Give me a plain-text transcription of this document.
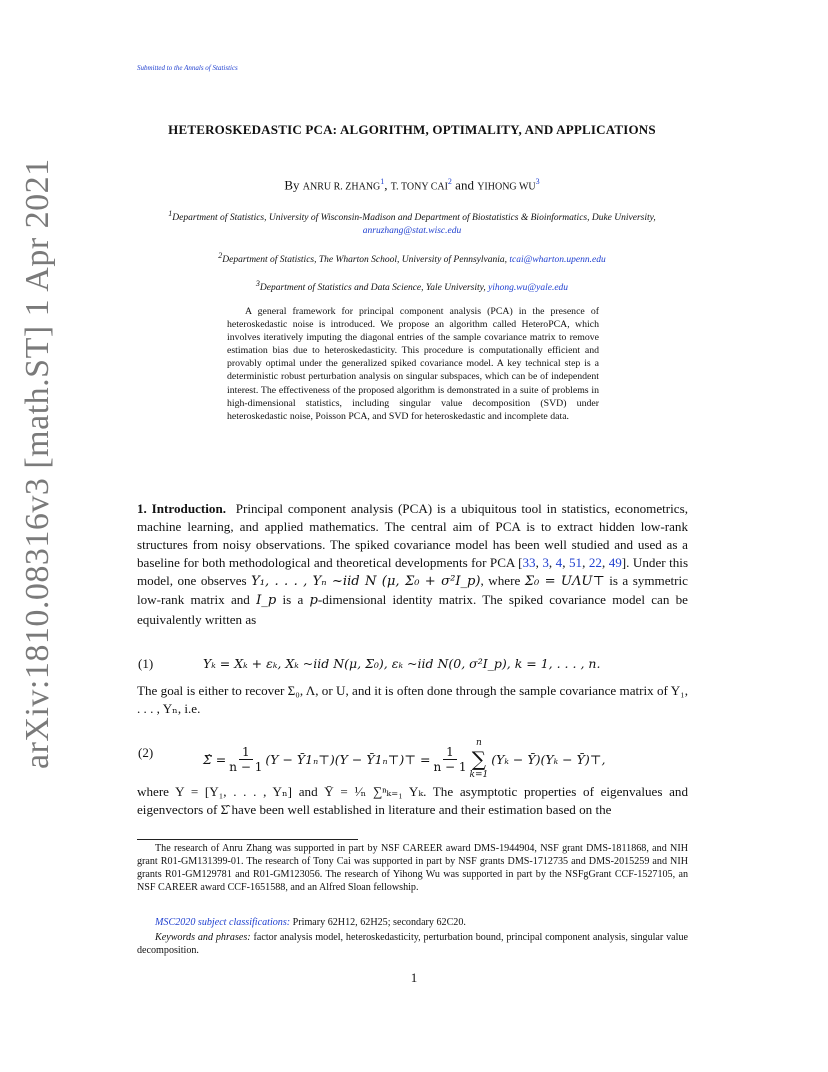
Submitted to the Annals of Statistics
arXiv:1810.08316v3 [math.ST] 1 Apr 2021
HETEROSKEDASTIC PCA: ALGORITHM, OPTIMALITY, AND APPLICATIONS
By ANRU R. ZHANG$^1$, T. TONY CAI$^2$ and YIHONG $WU^3$
$^1$Department of Statistics, University of Wisconsin-Madison and Department of Biostatistics & Bioinformatics, Duke University, anruzhang@stat.wisc.edu
$^2$Department of Statistics, The Wharton School, University of Pennsylvania, tcai@wharton.upenn.edu
$^3$Department of Statistics and Data Science, Yale University, yihong.wu@yale.edu
A general framework for principal component analysis (PCA) in the presence of heteroskedastic noise is introduced. We propose an algorithm called HeteroPCA, which involves iteratively imputing the diagonal entries of the sample covariance matrix to remove estimation bias due to heteroskedasticity. This procedure is computationally efficient and provably optimal under the generalized spiked covariance model. A key technical step is a deterministic robust perturbation analysis on singular subspaces, which can be of independent interest. The effectiveness of the proposed algorithm is demonstrated in a suite of problems in high-dimensional statistics, including singular value decomposition (SVD) under heteroskedastic noise, Poisson PCA, and SVD for heteroskedastic and incomplete data.
1. Introduction. Principal component analysis (PCA) is a ubiquitous tool in statistics, econometrics, machine learning, and applied mathematics. The central aim of PCA is to extract hidden low-rank structures from noisy observations. The spiked covariance model has been well studied and used as a baseline for both methodological and theoretical developments for PCA [33, 3, 4, 51, 22, 49]. Under this model, one observes Y₁, . . . , Yₙ ~iid N (μ, Σ₀ + σ²I_p), where Σ₀ = UΛU⊤ is a symmetric low-rank matrix and I_p is a p-dimensional identity matrix. The spiked covariance model can be equivalently written as
(1)	Yₖ = Xₖ + εₖ, Xₖ ~iid N(μ, Σ₀), εₖ ~iid N(0, σ²I_p), k = 1, . . . , n.
The goal is either to recover Σ₀, Λ, or U, and it is often done through the sample covariance matrix of Y₁, . . . , Yₙ, i.e.
(2)	Σ̂ = $\frac{1}{n - 1} (Y$ − Ȳ1ₙ⊤)(Y − Ȳ1ₙ⊤)⊤ = $\frac{1}{n - 1}$
n
∑
k=1
(Yₖ − Ȳ)(Yₖ − Ȳ)⊤,
where Y = [Y₁, . . . , Yₙ] and Ȳ = ¹⁄ₙ ∑ⁿₖ₌₁ Yₖ. The asymptotic properties of eigenvalues and eigenvectors of Σ̂ have been well established in literature and their estimation based on the
The research of Anru Zhang was supported in part by NSF CAREER award DMS-1944904, NSF grant DMS-1811868, and NIH grant R01-GM131399-01. The research of Tony Cai was supported in part by NSF grants DMS-1712735 and DMS-2015259 and NIH grants R01-GM129781 and R01-GM123056. The research of Yihong Wu was supported in part by the NSFgGrant CCF-1527105, an NSF CAREER award CCF-1651588, and an Alfred Sloan fellowship.
MSC2020 subject classifications: Primary 62H12, 62H25; secondary 62C20.
Keywords and phrases: factor analysis model, heteroskedasticity, perturbation bound, principal component analysis, singular value decomposition.
1
